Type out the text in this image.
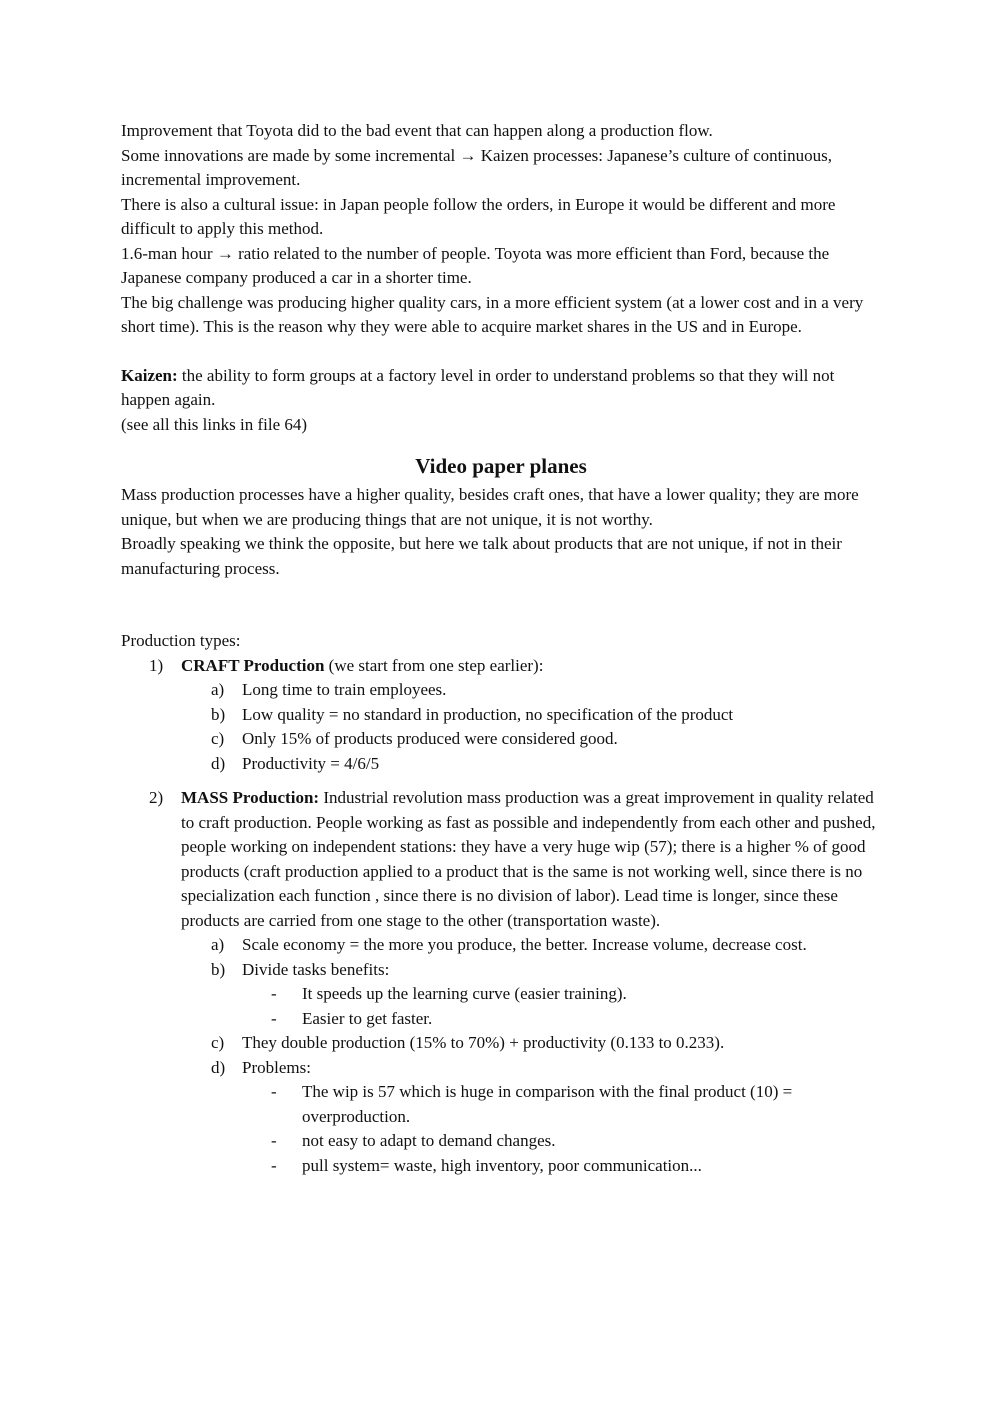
Improvement that Toyota did to the bad event that can happen along a production flow.

Some innovations are made by some incremental → Kaizen processes: Japanese’s culture of continuous, incremental improvement.

There is also a cultural issue: in Japan people follow the orders, in Europe it would be different and more difficult to apply this method.

1.6-man hour → ratio related to the number of people. Toyota was more efficient than Ford, because the Japanese company produced a car in a shorter time.

The big challenge was producing higher quality cars, in a more efficient system (at a lower cost and in a very short time). This is the reason why they were able to acquire market shares in the US and in Europe.

Kaizen: the ability to form groups at a factory level in order to understand problems so that they will not happen again.

(see all this links in file 64)

Video paper planes

Mass production processes have a higher quality, besides craft ones, that have a lower quality; they are more unique, but when we are producing things that are not unique, it is not worthy.

Broadly speaking we think the opposite, but here we talk about products that are not unique, if not in their manufacturing process.

Production types:

1) CRAFT Production (we start from one step earlier):
a) Long time to train employees.
b) Low quality = no standard in production, no specification of the product
c) Only 15% of products produced were considered good.
d) Productivity = 4/6/5
2) MASS Production: Industrial revolution mass production was a great improvement in quality related to craft production. People working as fast as possible and independently from each other and pushed, people working on independent stations: they have a very huge wip (57); there is a higher % of good products (craft production applied to a product that is the same is not working well, since there is no specialization each function , since there is no division of labor). Lead time is longer, since these products are carried from one stage to the other (transportation waste).
a) Scale economy = the more you produce, the better. Increase volume, decrease cost.
b) Divide tasks benefits:
- It speeds up the learning curve (easier training).
- Easier to get faster.
c) They double production (15% to 70%) + productivity (0.133 to 0.233).
d) Problems:
- The wip is 57 which is huge in comparison with the final product (10) = overproduction.
- not easy to adapt to demand changes.
- pull system= waste, high inventory, poor communication...
